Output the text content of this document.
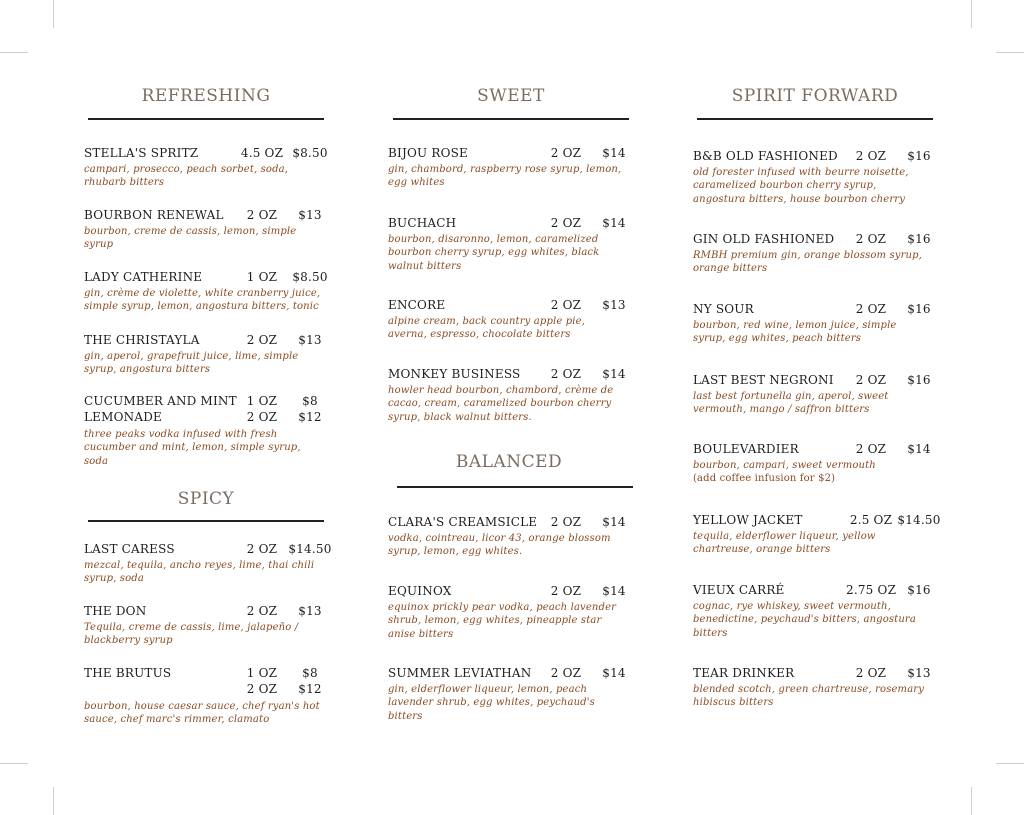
REFRESHING
STELLA'S SPRITZ	4.5 OZ $8.50
campari, prosecco, peach sorbet, soda, rhubarb bitters
BOURBON RENEWAL	2 OZ	$13
bourbon, creme de cassis, lemon, simple syrup
LADY CATHERINE	1 OZ	$8.50
gin, crème de violette, white cranberry juice, simple syrup, lemon, angostura bitters, tonic
THE CHRISTAYLA	2 OZ	$13
gin, aperol, grapefruit juice, lime, simple syrup, angostura bitters
CUCUMBER AND MINT 1 OZ	$8
LEMONADE	2 OZ	$12
three peaks vodka infused with fresh cucumber and mint, lemon, simple syrup, soda
SPICY
LAST CARESS	2 OZ $14.50
mezcal, tequila, ancho reyes, lime, thai chili syrup, soda
THE DON	2 OZ	$13
Tequila, creme de cassis, lime, jalapeño / blackberry syrup
THE BRUTUS	1 OZ	$8
2 OZ	$12
bourbon, house caesar sauce, chef ryan's hot sauce, chef marc's rimmer, clamato
SWEET
BIJOU ROSE	2 OZ	$14
gin, chambord, raspberry rose syrup, lemon, egg whites
BUCHACH	2 OZ	$14
bourbon, disaronno, lemon, caramelized bourbon cherry syrup, egg whites, black walnut bitters
ENCORE	2 OZ	$13
alpine cream, back country apple pie, averna, espresso, chocolate bitters
MONKEY BUSINESS	2 OZ	$14
howler head bourbon, chambord, crème de cacao, cream, caramelized bourbon cherry syrup, black walnut bitters.
BALANCED
CLARA'S CREAMSICLE	2 OZ	$14
vodka, cointreau, licor 43, orange blossom syrup, lemon, egg whites.
EQUINOX	2 OZ	$14
equinox prickly pear vodka, peach lavender shrub, lemon, egg whites, pineapple star anise bitters
SUMMER LEVIATHAN	2 OZ	$14
gin, elderflower liqueur, lemon, peach lavender shrub, egg whites, peychaud's bitters
SPIRIT FORWARD
B&B OLD FASHIONED	2 OZ	$16
old forester infused with beurre noisette, caramelized bourbon cherry syrup, angostura bitters, house bourbon cherry
GIN OLD FASHIONED	2 OZ	$16
RMBH premium gin, orange blossom syrup, orange bitters
NY SOUR	2 OZ	$16
bourbon, red wine, lemon juice, simple syrup, egg whites, peach bitters
LAST BEST NEGRONI	2 OZ	$16
last best fortunella gin, aperol, sweet vermouth, mango / saffron bitters
BOULEVARDIER	2 OZ	$14
bourbon, campari, sweet vermouth
(add coffee infusion for $2)
YELLOW JACKET	2.5 OZ $14.50
tequila, elderflower liqueur, yellow chartreuse, orange bitters
VIEUX CARRÉ	2.75 OZ $16
cognac, rye whiskey, sweet vermouth, benedictine, peychaud's bitters, angostura bitters
TEAR DRINKER	2 OZ	$13
blended scotch, green chartreuse, rosemary hibiscus bitters
